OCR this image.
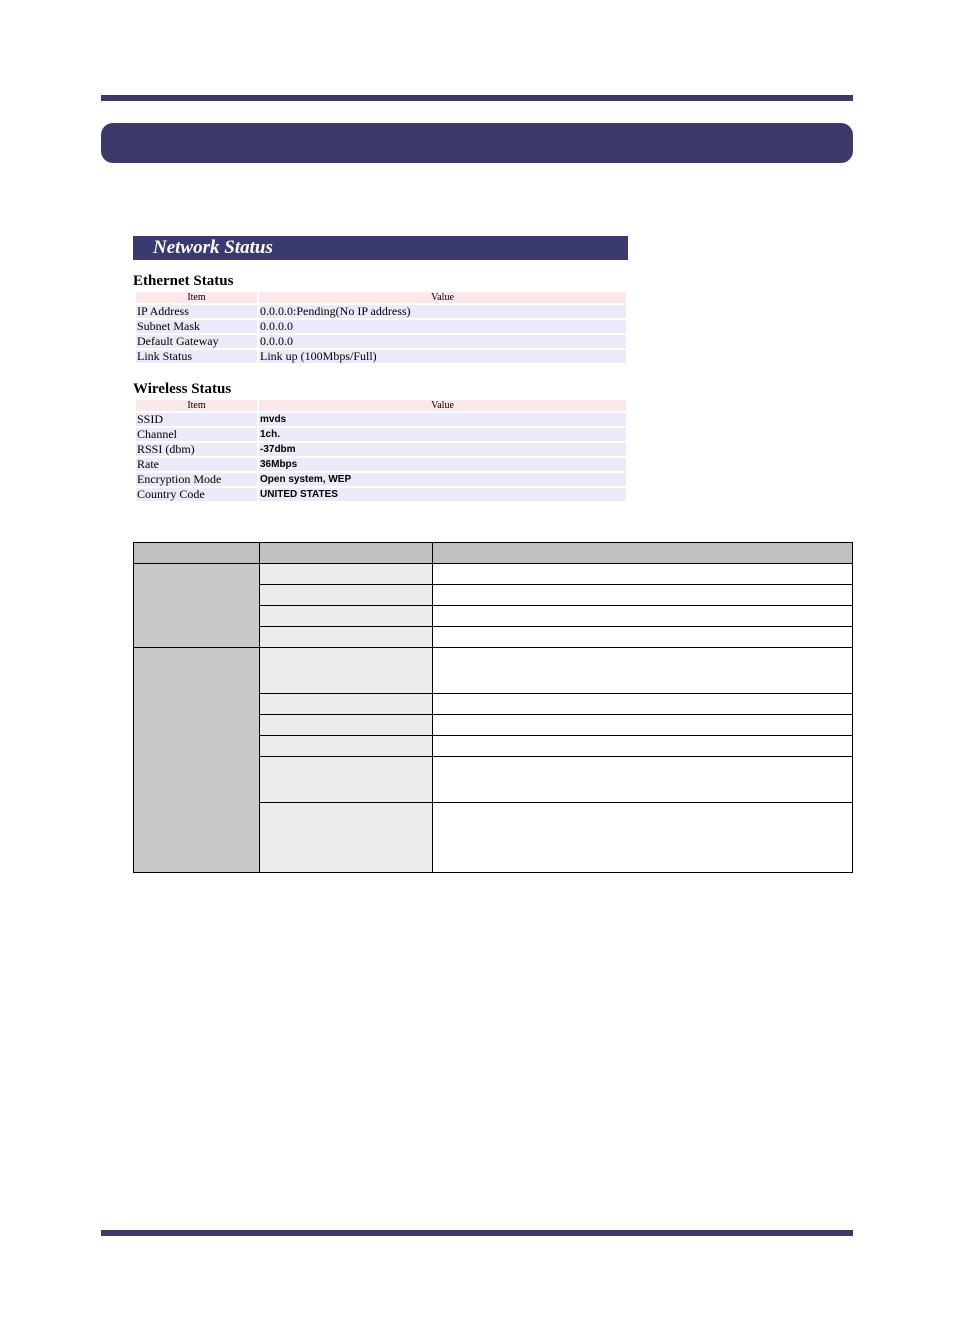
Network Status
Ethernet Status
Item	Value
IP Address	0.0.0.0:Pending(No IP address)
Subnet Mask	0.0.0.0
Default Gateway	0.0.0.0
Link Status	Link up (100Mbps/Full)
Wireless Status
Item	Value
SSID	mvds
Channel	1ch.
RSSI (dbm)	-37dbm
Rate	36Mbps
Encryption Mode	Open system, WEP
Country Code	UNITED STATES
